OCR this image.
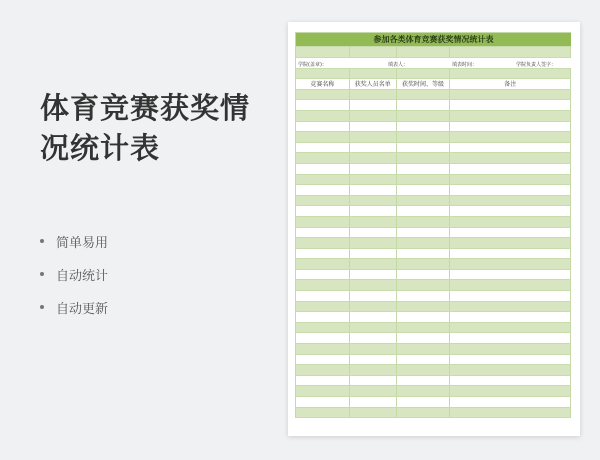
体育竞赛获奖情
况统计表
简单易用
自动统计
自动更新
参加各类体育竞赛获奖情况统计表
学院(盖章)：	填表人：	填表时间：	学院负责人签字：
竞赛名称	获奖人员名单	获奖时间、等级	备注
